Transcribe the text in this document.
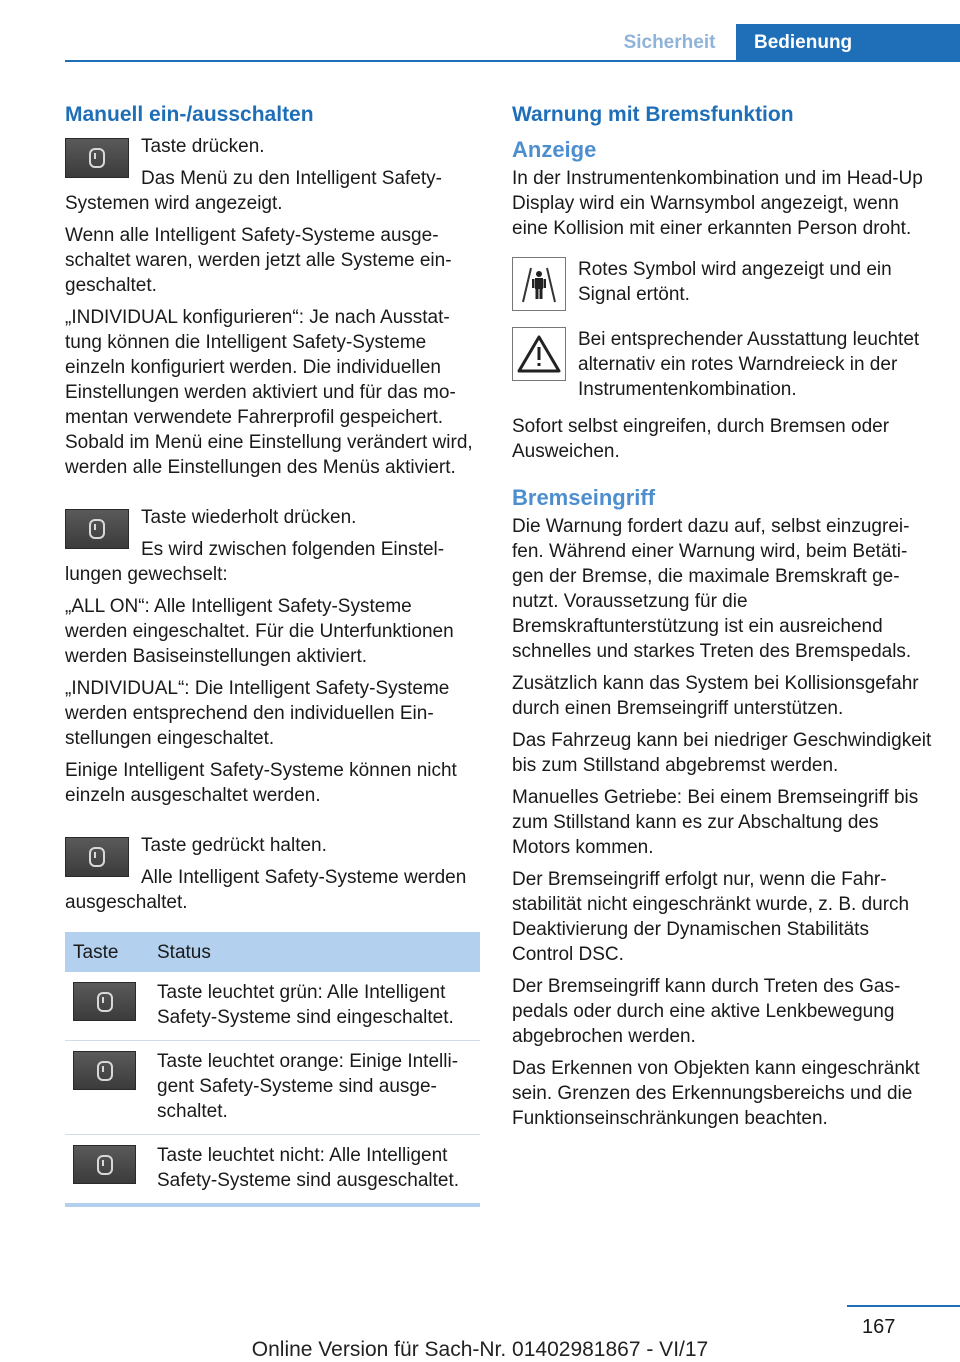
Sicherheit	Bedienung
Manuell ein-/ausschalten

Taste drücken.

Das Menü zu den Intelligent Safety-Systemen wird angezeigt.

Wenn alle Intelligent Safety-Systeme ausgeschaltet waren, werden jetzt alle Systeme eingeschaltet.

„INDIVIDUAL konfigurieren“: Je nach Ausstattung können die Intelligent Safety-Systeme einzeln konfiguriert werden. Die individuellen Einstellungen werden aktiviert und für das momentan verwendete Fahrerprofil gespeichert. Sobald im Menü eine Einstellung verändert wird, werden alle Einstellungen des Menüs aktiviert.

Taste wiederholt drücken.

Es wird zwischen folgenden Einstellungen gewechselt:

„ALL ON“: Alle Intelligent Safety-Systeme werden eingeschaltet. Für die Unterfunktionen werden Basiseinstellungen aktiviert.

„INDIVIDUAL“: Die Intelligent Safety-Systeme werden entsprechend den individuellen Einstellungen eingeschaltet.

Einige Intelligent Safety-Systeme können nicht einzeln ausgeschaltet werden.

Taste gedrückt halten.

Alle Intelligent Safety-Systeme werden ausgeschaltet.

Taste	Status

	Taste leuchtet grün: Alle Intelligent Safety-Systeme sind eingeschaltet.

	Taste leuchtet orange: Einige Intelligent Safety-Systeme sind ausgeschaltet.

	Taste leuchtet nicht: Alle Intelligent Safety-Systeme sind ausgeschaltet.
Warnung mit Bremsfunktion
Anzeige

In der Instrumentenkombination und im Head-Up Display wird ein Warnsymbol angezeigt, wenn eine Kollision mit einer erkannten Person droht.

Rotes Symbol wird angezeigt und ein Signal ertönt.
Bei entsprechender Ausstattung leuchtet alternativ ein rotes Warndreieck in der Instrumentenkombination.

Sofort selbst eingreifen, durch Bremsen oder Ausweichen.

Bremseingriff

Die Warnung fordert dazu auf, selbst einzugreifen. Während einer Warnung wird, beim Betätigen der Bremse, die maximale Bremskraft genutzt. Voraussetzung für die Bremskraftunterstützung ist ein ausreichend schnelles und starkes Treten des Bremspedals.

Zusätzlich kann das System bei Kollisionsgefahr durch einen Bremseingriff unterstützen.

Das Fahrzeug kann bei niedriger Geschwindigkeit bis zum Stillstand abgebremst werden.

Manuelles Getriebe: Bei einem Bremseingriff bis zum Stillstand kann es zur Abschaltung des Motors kommen.

Der Bremseingriff erfolgt nur, wenn die Fahrstabilität nicht eingeschränkt wurde, z. B. durch Deaktivierung der Dynamischen Stabilitäts Control DSC.

Der Bremseingriff kann durch Treten des Gaspedals oder durch eine aktive Lenkbewegung abgebrochen werden.

Das Erkennen von Objekten kann eingeschränkt sein. Grenzen des Erkennungsbereichs und die Funktionseinschränkungen beachten.

167
Online Version für Sach-Nr. 01402981867 - VI/17
